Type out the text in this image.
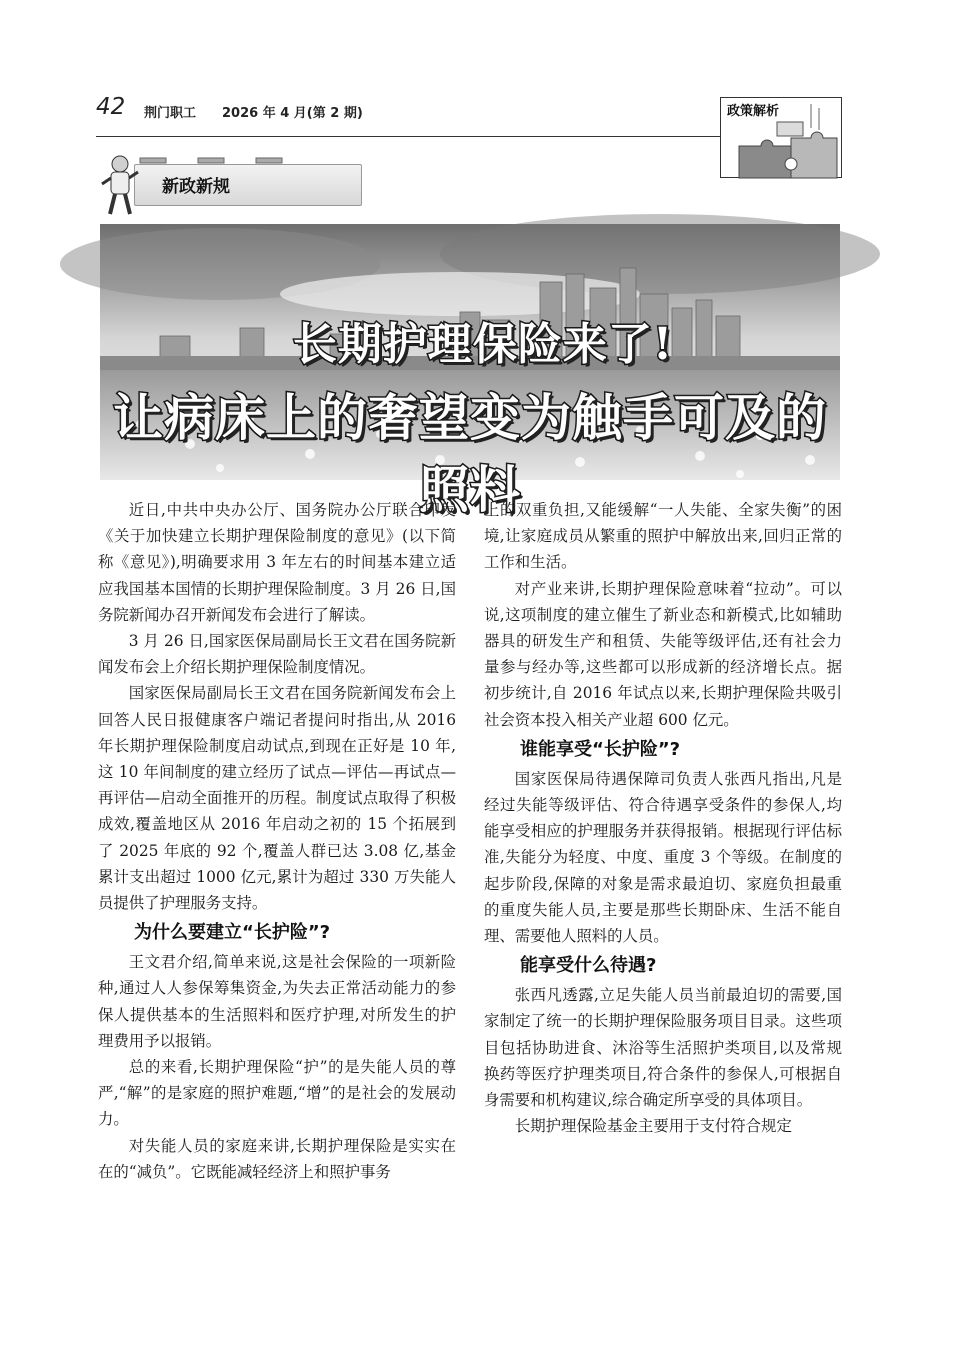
42 荆门职工 2026 年 4 月(第 2 期)	政策解析
新政新规
长期护理保险来了!
让病床上的奢望变为触手可及的照料

近日,中共中央办公厅、国务院办公厅联合印发《关于加快建立长期护理保险制度的意见》(以下简称《意见》),明确要求用 3 年左右的时间基本建立适应我国基本国情的长期护理保险制度。3 月 26 日,国务院新闻办召开新闻发布会进行了解读。

3 月 26 日,国家医保局副局长王文君在国务院新闻发布会上介绍长期护理保险制度情况。

国家医保局副局长王文君在国务院新闻发布会上回答人民日报健康客户端记者提问时指出,从 2016 年长期护理保险制度启动试点,到现在正好是 10 年,这 10 年间制度的建立经历了试点—评估—再试点—再评估—启动全面推开的历程。制度试点取得了积极成效,覆盖地区从 2016 年启动之初的 15 个拓展到了 2025 年底的 92 个,覆盖人群已达 3.08 亿,基金累计支出超过 1000 亿元,累计为超过 330 万失能人员提供了护理服务支持。

为什么要建立“长护险”?

王文君介绍,简单来说,这是社会保险的一项新险种,通过人人参保筹集资金,为失去正常活动能力的参保人提供基本的生活照料和医疗护理,对所发生的护理费用予以报销。

总的来看,长期护理保险“护”的是失能人员的尊严,“解”的是家庭的照护难题,“增”的是社会的发展动力。

对失能人员的家庭来讲,长期护理保险是实实在在的“减负”。它既能减轻经济上和照护事务

上的双重负担,又能缓解“一人失能、全家失衡”的困境,让家庭成员从繁重的照护中解放出来,回归正常的工作和生活。

对产业来讲,长期护理保险意味着“拉动”。可以说,这项制度的建立催生了新业态和新模式,比如辅助器具的研发生产和租赁、失能等级评估,还有社会力量参与经办等,这些都可以形成新的经济增长点。据初步统计,自 2016 年试点以来,长期护理保险共吸引社会资本投入相关产业超 600 亿元。

谁能享受“长护险”?

国家医保局待遇保障司负责人张西凡指出,凡是经过失能等级评估、符合待遇享受条件的参保人,均能享受相应的护理服务并获得报销。根据现行评估标准,失能分为轻度、中度、重度 3 个等级。在制度的起步阶段,保障的对象是需求最迫切、家庭负担最重的重度失能人员,主要是那些长期卧床、生活不能自理、需要他人照料的人员。

能享受什么待遇?

张西凡透露,立足失能人员当前最迫切的需要,国家制定了统一的长期护理保险服务项目目录。这些项目包括协助进食、沐浴等生活照护类项目,以及常规换药等医疗护理类项目,符合条件的参保人,可根据自身需要和机构建议,综合确定所享受的具体项目。

长期护理保险基金主要用于支付符合规定
